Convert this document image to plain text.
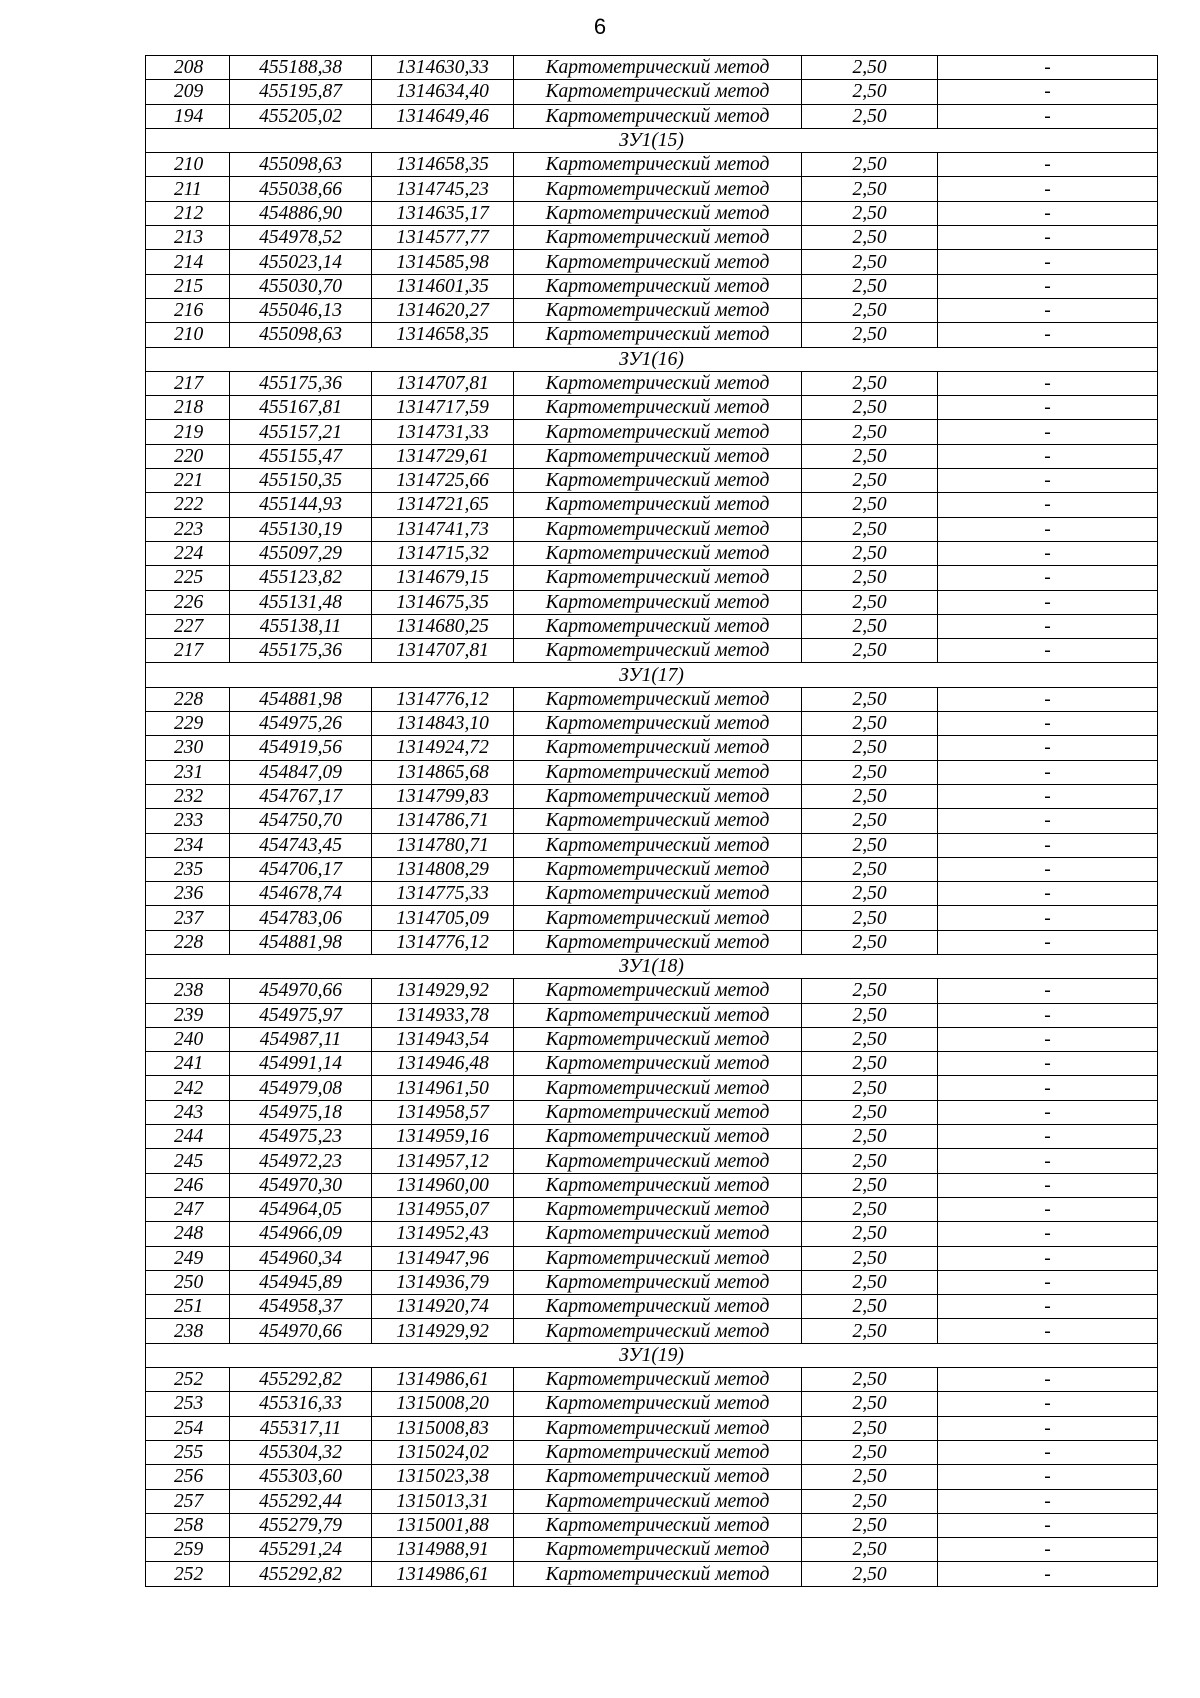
6
208	455188,38	1314630,33	Картометрический метод	2,50	-
209	455195,87	1314634,40	Картометрический метод	2,50	-
194	455205,02	1314649,46	Картометрический метод	2,50	-
ЗУ1(15)					
210	455098,63	1314658,35	Картометрический метод	2,50	-
211	455038,66	1314745,23	Картометрический метод	2,50	-
212	454886,90	1314635,17	Картометрический метод	2,50	-
213	454978,52	1314577,77	Картометрический метод	2,50	-
214	455023,14	1314585,98	Картометрический метод	2,50	-
215	455030,70	1314601,35	Картометрический метод	2,50	-
216	455046,13	1314620,27	Картометрический метод	2,50	-
210	455098,63	1314658,35	Картометрический метод	2,50	-
ЗУ1(16)					
217	455175,36	1314707,81	Картометрический метод	2,50	-
218	455167,81	1314717,59	Картометрический метод	2,50	-
219	455157,21	1314731,33	Картометрический метод	2,50	-
220	455155,47	1314729,61	Картометрический метод	2,50	-
221	455150,35	1314725,66	Картометрический метод	2,50	-
222	455144,93	1314721,65	Картометрический метод	2,50	-
223	455130,19	1314741,73	Картометрический метод	2,50	-
224	455097,29	1314715,32	Картометрический метод	2,50	-
225	455123,82	1314679,15	Картометрический метод	2,50	-
226	455131,48	1314675,35	Картометрический метод	2,50	-
227	455138,11	1314680,25	Картометрический метод	2,50	-
217	455175,36	1314707,81	Картометрический метод	2,50	-
ЗУ1(17)					
228	454881,98	1314776,12	Картометрический метод	2,50	-
229	454975,26	1314843,10	Картометрический метод	2,50	-
230	454919,56	1314924,72	Картометрический метод	2,50	-
231	454847,09	1314865,68	Картометрический метод	2,50	-
232	454767,17	1314799,83	Картометрический метод	2,50	-
233	454750,70	1314786,71	Картометрический метод	2,50	-
234	454743,45	1314780,71	Картометрический метод	2,50	-
235	454706,17	1314808,29	Картометрический метод	2,50	-
236	454678,74	1314775,33	Картометрический метод	2,50	-
237	454783,06	1314705,09	Картометрический метод	2,50	-
228	454881,98	1314776,12	Картометрический метод	2,50	-
ЗУ1(18)					
238	454970,66	1314929,92	Картометрический метод	2,50	-
239	454975,97	1314933,78	Картометрический метод	2,50	-
240	454987,11	1314943,54	Картометрический метод	2,50	-
241	454991,14	1314946,48	Картометрический метод	2,50	-
242	454979,08	1314961,50	Картометрический метод	2,50	-
243	454975,18	1314958,57	Картометрический метод	2,50	-
244	454975,23	1314959,16	Картометрический метод	2,50	-
245	454972,23	1314957,12	Картометрический метод	2,50	-
246	454970,30	1314960,00	Картометрический метод	2,50	-
247	454964,05	1314955,07	Картометрический метод	2,50	-
248	454966,09	1314952,43	Картометрический метод	2,50	-
249	454960,34	1314947,96	Картометрический метод	2,50	-
250	454945,89	1314936,79	Картометрический метод	2,50	-
251	454958,37	1314920,74	Картометрический метод	2,50	-
238	454970,66	1314929,92	Картометрический метод	2,50	-
ЗУ1(19)					
252	455292,82	1314986,61	Картометрический метод	2,50	-
253	455316,33	1315008,20	Картометрический метод	2,50	-
254	455317,11	1315008,83	Картометрический метод	2,50	-
255	455304,32	1315024,02	Картометрический метод	2,50	-
256	455303,60	1315023,38	Картометрический метод	2,50	-
257	455292,44	1315013,31	Картометрический метод	2,50	-
258	455279,79	1315001,88	Картометрический метод	2,50	-
259	455291,24	1314988,91	Картометрический метод	2,50	-
252	455292,82	1314986,61	Картометрический метод	2,50	-
